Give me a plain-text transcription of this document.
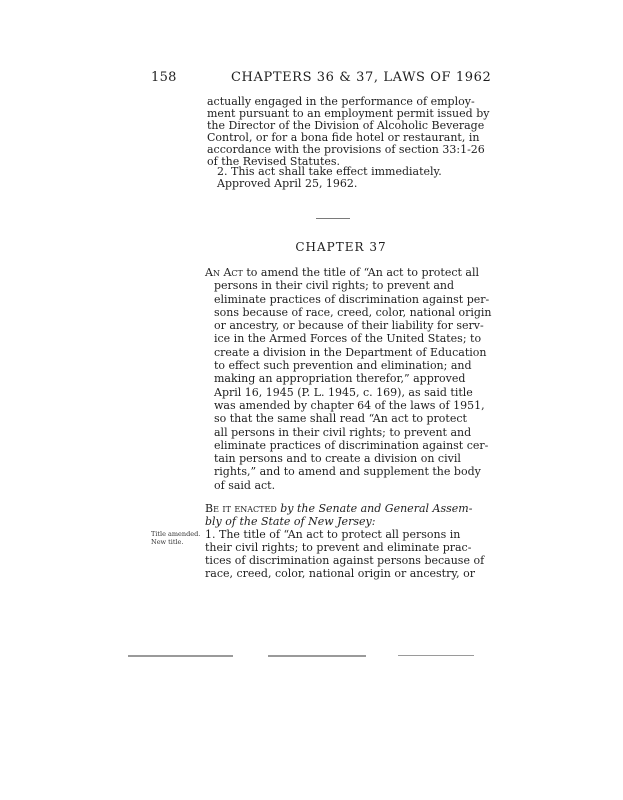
158	CHAPTERS 36 & 37, LAWS OF 1962
actually engaged in the performance of employ-
ment pursuant to an employment permit issued by
the Director of the Division of Alcoholic Beverage
Control, or for a bona fide hotel or restaurant, in
accordance with the provisions of section 33:1-26
of the Revised Statutes.
2. This act shall take effect immediately.
Approved April 25, 1962.
CHAPTER 37
An Act to amend the title of “An act to protect all
persons in their civil rights; to prevent and
eliminate practices of discrimination against per-
sons because of race, creed, color, national origin
or ancestry, or because of their liability for serv-
ice in the Armed Forces of the United States; to
create a division in the Department of Education
to effect such prevention and elimination; and
making an appropriation therefor,” approved
April 16, 1945 (P. L. 1945, c. 169), as said title
was amended by chapter 64 of the laws of 1951,
so that the same shall read “An act to protect
all persons in their civil rights; to prevent and
eliminate practices of discrimination against cer-
tain persons and to create a division on civil
rights,” and to amend and supplement the body
of said act.
Be it enacted by the Senate and General Assem-
bly of the State of New Jersey:
Title amended.
New title.
1. The title of “An act to protect all persons in
their civil rights; to prevent and eliminate prac-
tices of discrimination against persons because of
race, creed, color, national origin or ancestry, or
